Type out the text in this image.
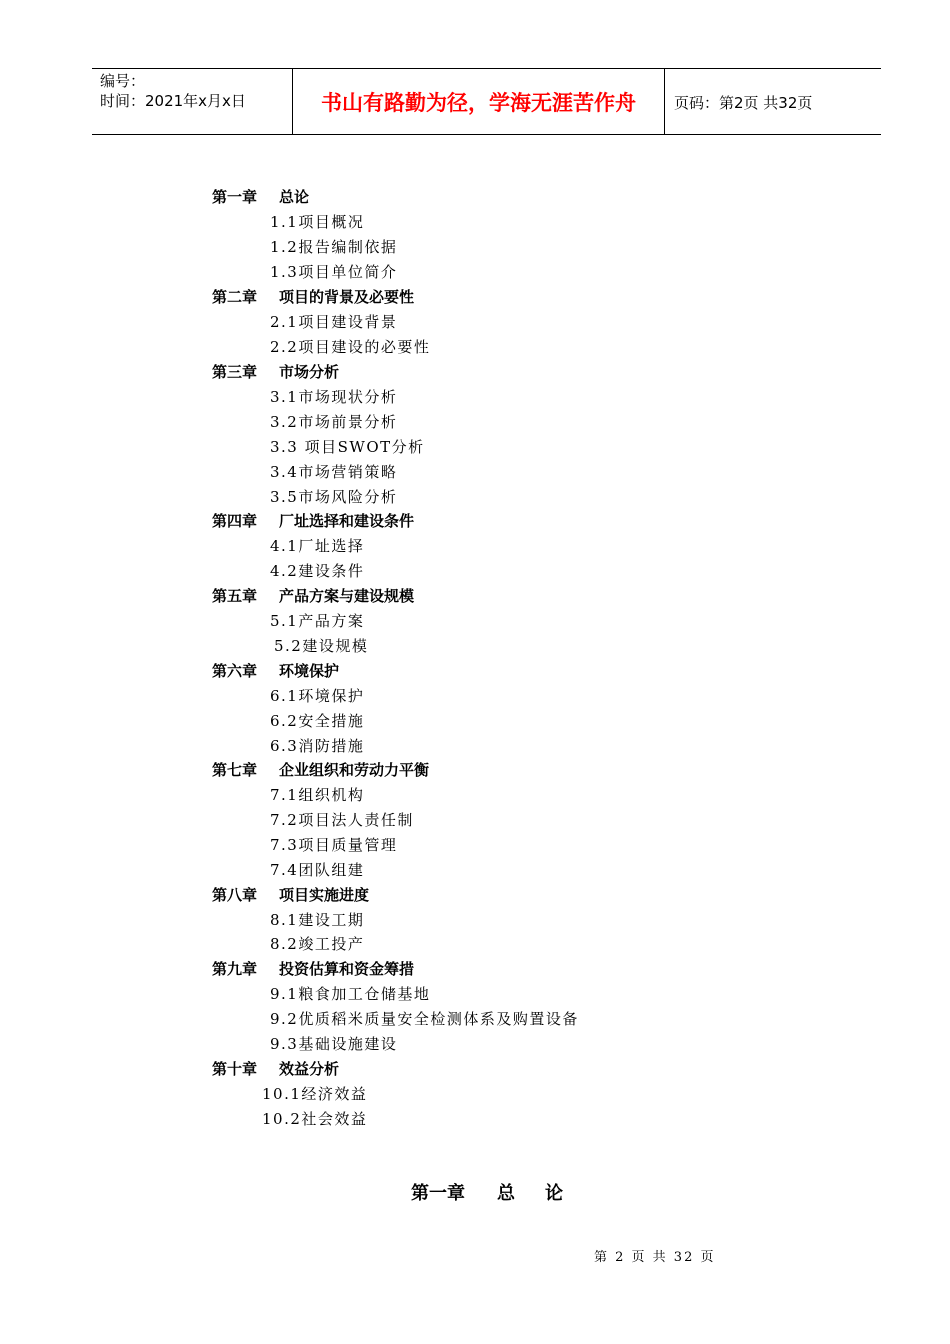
编号：
时间：2021年x月x日	书山有路勤为径，学海无涯苦作舟	页码：第2页 共32页
第一章 总论
1.1项目概况
1.2报告编制依据
1.3项目单位简介
第二章 项目的背景及必要性
2.1项目建设背景
2.2项目建设的必要性
第三章 市场分析
3.1市场现状分析
3.2市场前景分析
3.3 项目SWOT分析
3.4市场营销策略
3.5市场风险分析
第四章 厂址选择和建设条件
4.1厂址选择
4.2建设条件
第五章 产品方案与建设规模
5.1产品方案
5.2建设规模
第六章 环境保护
6.1环境保护
6.2安全措施
6.3消防措施
第七章 企业组织和劳动力平衡
7.1组织机构
7.2项目法人责任制
7.3项目质量管理
7.4团队组建
第八章 项目实施进度
8.1建设工期
8.2竣工投产
第九章 投资估算和资金筹措
9.1粮食加工仓储基地
9.2优质稻米质量安全检测体系及购置设备
9.3基础设施建设
第十章 效益分析
10.1经济效益
10.2社会效益
第一章 总 论
第 2 页 共 32 页
